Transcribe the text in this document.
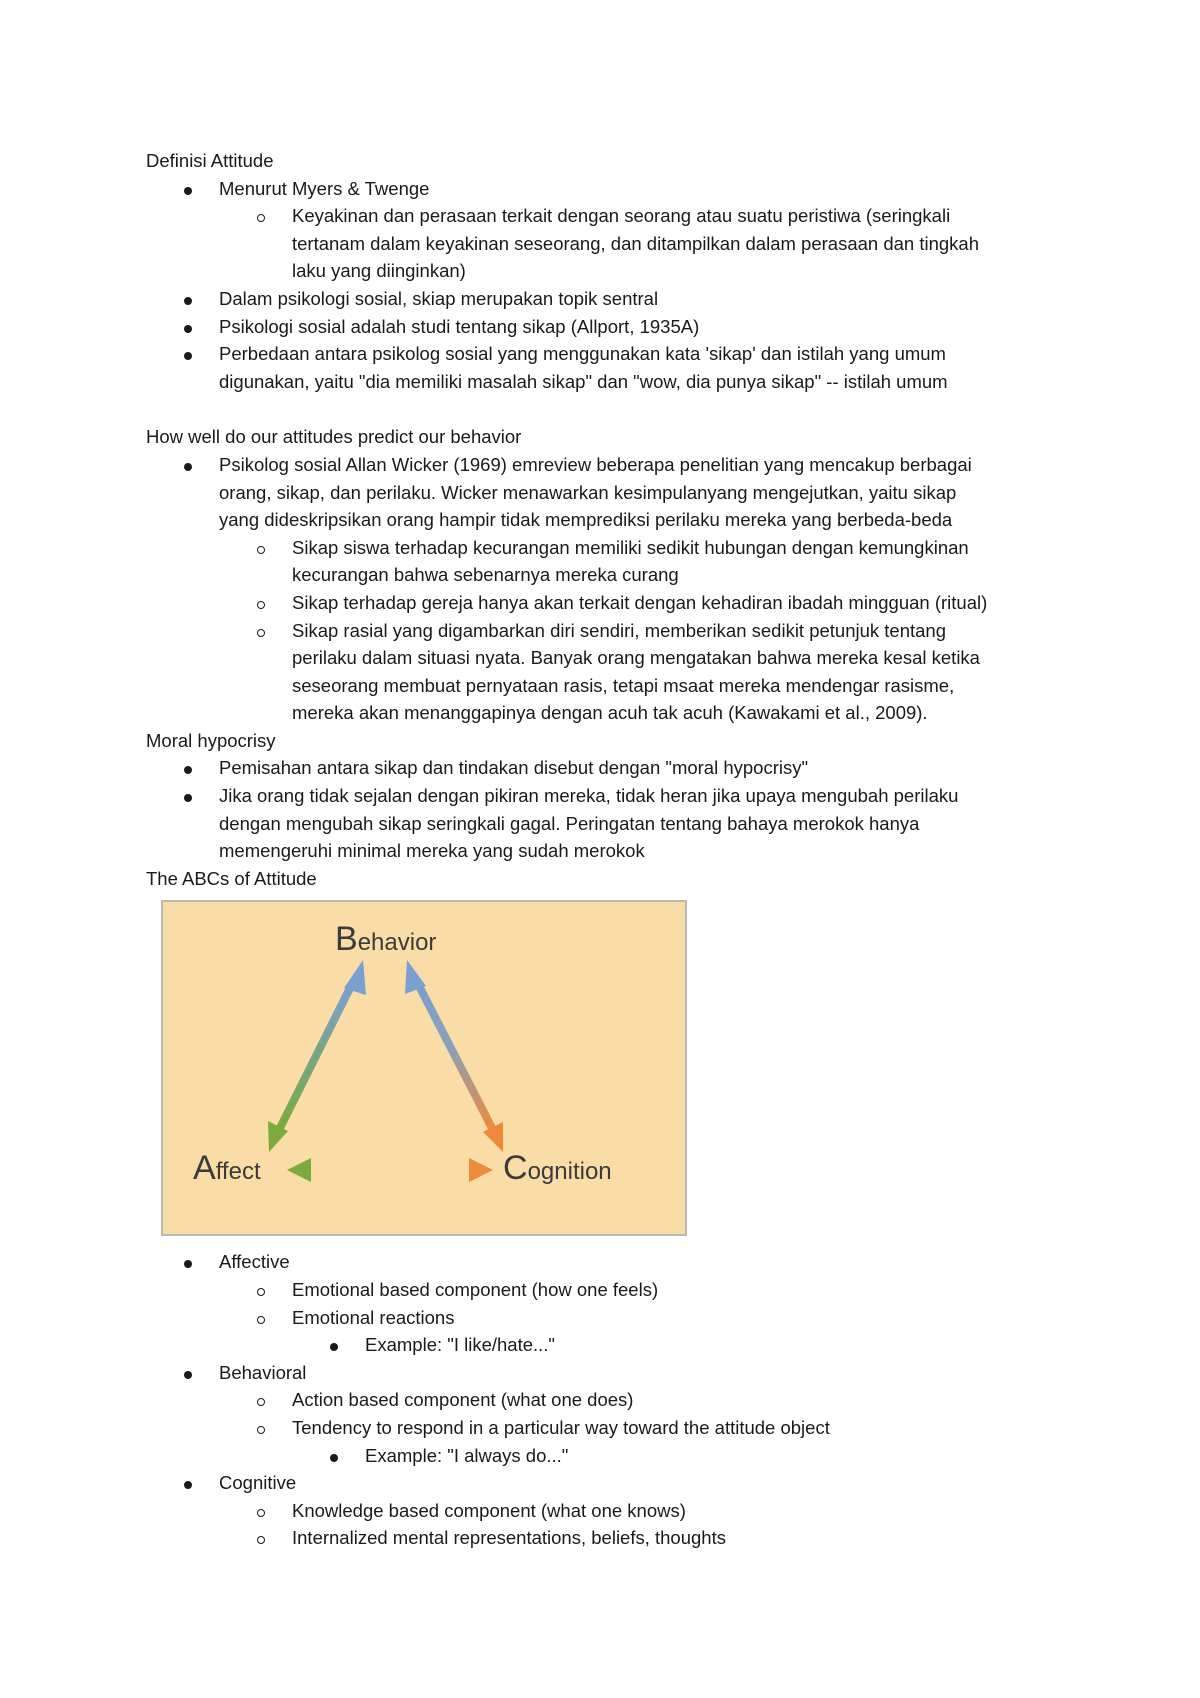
Definisi Attitude
Menurut Myers & Twenge
Keyakinan dan perasaan terkait dengan seorang atau suatu peristiwa (seringkali
tertanam dalam keyakinan seseorang, dan ditampilkan dalam perasaan dan tingkah
laku yang diinginkan)
Dalam psikologi sosial, skiap merupakan topik sentral
Psikologi sosial adalah studi tentang sikap (Allport, 1935A)
Perbedaan antara psikolog sosial yang menggunakan kata 'sikap' dan istilah yang umum
digunakan, yaitu "dia memiliki masalah sikap" dan "wow, dia punya sikap" -- istilah umum
How well do our attitudes predict our behavior
Psikolog sosial Allan Wicker (1969) emreview beberapa penelitian yang mencakup berbagai
orang, sikap, dan perilaku. Wicker menawarkan kesimpulanyang mengejutkan, yaitu sikap
yang dideskripsikan orang hampir tidak memprediksi perilaku mereka yang berbeda-beda
Sikap siswa terhadap kecurangan memiliki sedikit hubungan dengan kemungkinan
kecurangan bahwa sebenarnya mereka curang
Sikap terhadap gereja hanya akan terkait dengan kehadiran ibadah mingguan (ritual)
Sikap rasial yang digambarkan diri sendiri, memberikan sedikit petunjuk tentang
perilaku dalam situasi nyata. Banyak orang mengatakan bahwa mereka kesal ketika
seseorang membuat pernyataan rasis, tetapi msaat mereka mendengar rasisme,
mereka akan menanggapinya dengan acuh tak acuh (Kawakami et al., 2009).
Moral hypocrisy
Pemisahan antara sikap dan tindakan disebut dengan "moral hypocrisy"
Jika orang tidak sejalan dengan pikiran mereka, tidak heran jika upaya mengubah perilaku
dengan mengubah sikap seringkali gagal. Peringatan tentang bahaya merokok hanya
memengeruhi minimal mereka yang sudah merokok
The ABCs of Attitude
Behavior
Affect	Cognition
Affective
Emotional based component (how one feels)
Emotional reactions
Example: "I like/hate..."
Behavioral
Action based component (what one does)
Tendency to respond in a particular way toward the attitude object
Example: "I always do..."
Cognitive
Knowledge based component (what one knows)
Internalized mental representations, beliefs, thoughts
